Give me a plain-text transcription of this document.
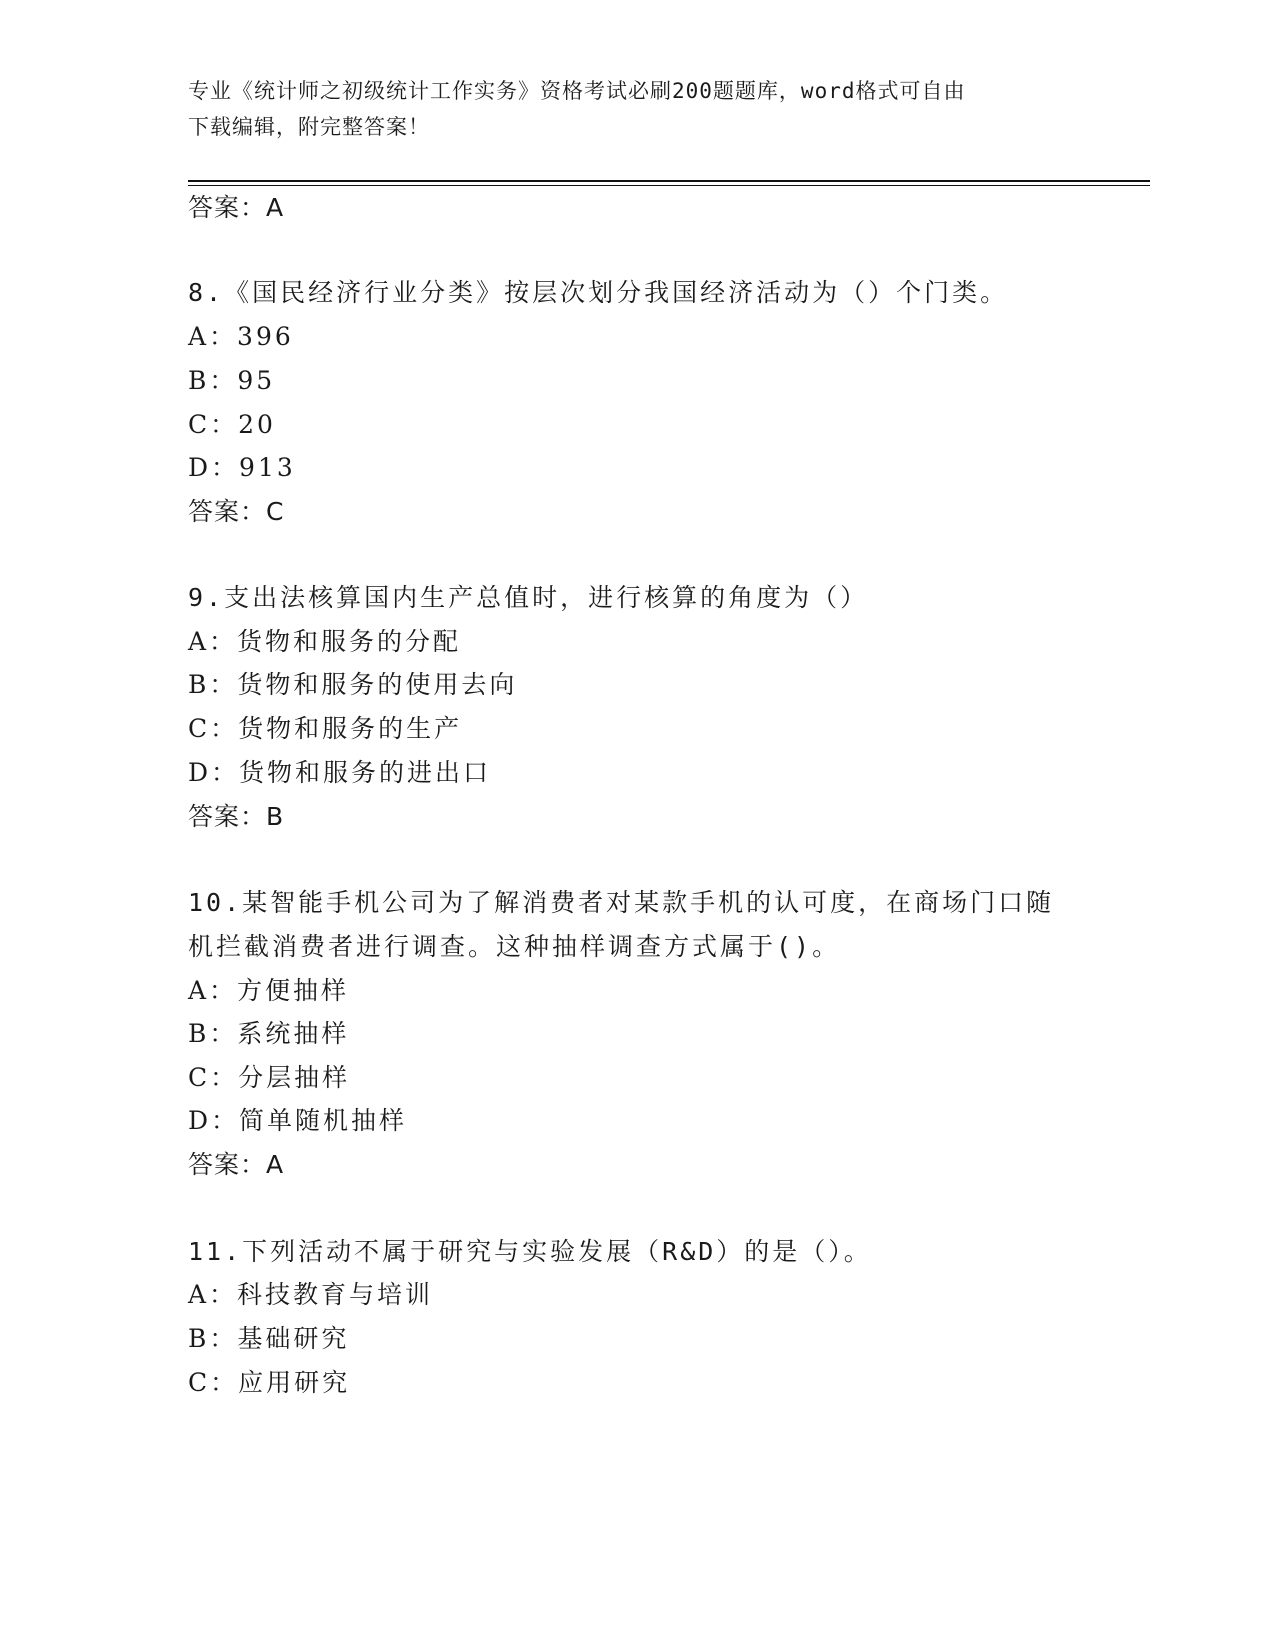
专业《统计师之初级统计工作实务》资格考试必刷200题题库，word格式可自由
下载编辑，附完整答案！
答案：A
8.《国民经济行业分类》按层次划分我国经济活动为（）个门类。
A：396
B：95
C：20
D：913
答案：C
9.支出法核算国内生产总值时，进行核算的角度为（）
A：货物和服务的分配
B：货物和服务的使用去向
C：货物和服务的生产
D：货物和服务的进出口
答案：B
10.某智能手机公司为了解消费者对某款手机的认可度，在商场门口随
机拦截消费者进行调查。这种抽样调查方式属于()。
A：方便抽样
B：系统抽样
C：分层抽样
D：简单随机抽样
答案：A
11.下列活动不属于研究与实验发展（R&D）的是（）。
A：科技教育与培训
B：基础研究
C：应用研究
